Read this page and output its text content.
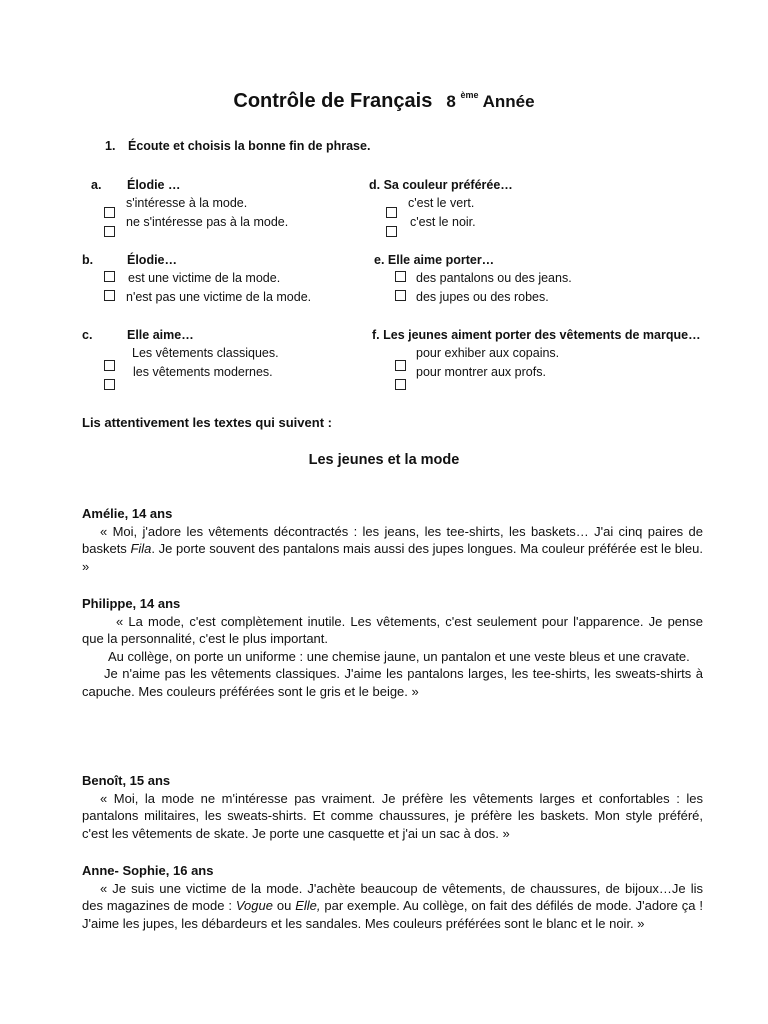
Contrôle de Français 8 $^{ème}$ Année
1. Écoute et choisis la bonne fin de phrase.
a. Élodie …
s'intéresse à la mode.
ne s'intéresse pas à la mode.
d. Sa couleur préférée…
c'est le vert.
c'est le noir.
b.	Élodie…
est une victime de la mode.
n'est pas une victime de la mode.
e. Elle aime porter…
des pantalons ou des jeans.
des jupes ou des robes.
c.	Elle aime…
Les vêtements classiques.
les vêtements modernes.
f. Les jeunes aiment porter des vêtements de marque…
pour exhiber aux copains.
pour montrer aux profs.
Lis attentivement les textes qui suivent :
Les jeunes et la mode
Amélie, 14 ans

« Moi, j'adore les vêtements décontractés : les jeans, les tee-shirts, les baskets… J'ai cinq paires de baskets Fila. Je porte souvent des pantalons mais aussi des jupes longues. Ma couleur préférée est le bleu. »

Philippe, 14 ans

« La mode, c'est complètement inutile. Les vêtements, c'est seulement pour l'apparence. Je pense que la personnalité, c'est le plus important.

Au collège, on porte un uniforme : une chemise jaune, un pantalon et une veste bleus et une cravate.

Je n'aime pas les vêtements classiques. J'aime les pantalons larges, les tee-shirts, les sweats-shirts à capuche. Mes couleurs préférées sont le gris et le beige. »

Benoît, 15 ans

« Moi, la mode ne m'intéresse pas vraiment. Je préfère les vêtements larges et confortables : les pantalons militaires, les sweats-shirts. Et comme chaussures, je préfère les baskets. Mon style préféré, c'est les vêtements de skate. Je porte une casquette et j'ai un sac à dos. »

Anne- Sophie, 16 ans

« Je suis une victime de la mode. J'achète beaucoup de vêtements, de chaussures, de bijoux…Je lis des magazines de mode : Vogue ou Elle, par exemple. Au collège, on fait des défilés de mode. J'adore ça ! J'aime les jupes, les débardeurs et les sandales. Mes couleurs préférées sont le blanc et le noir. »
